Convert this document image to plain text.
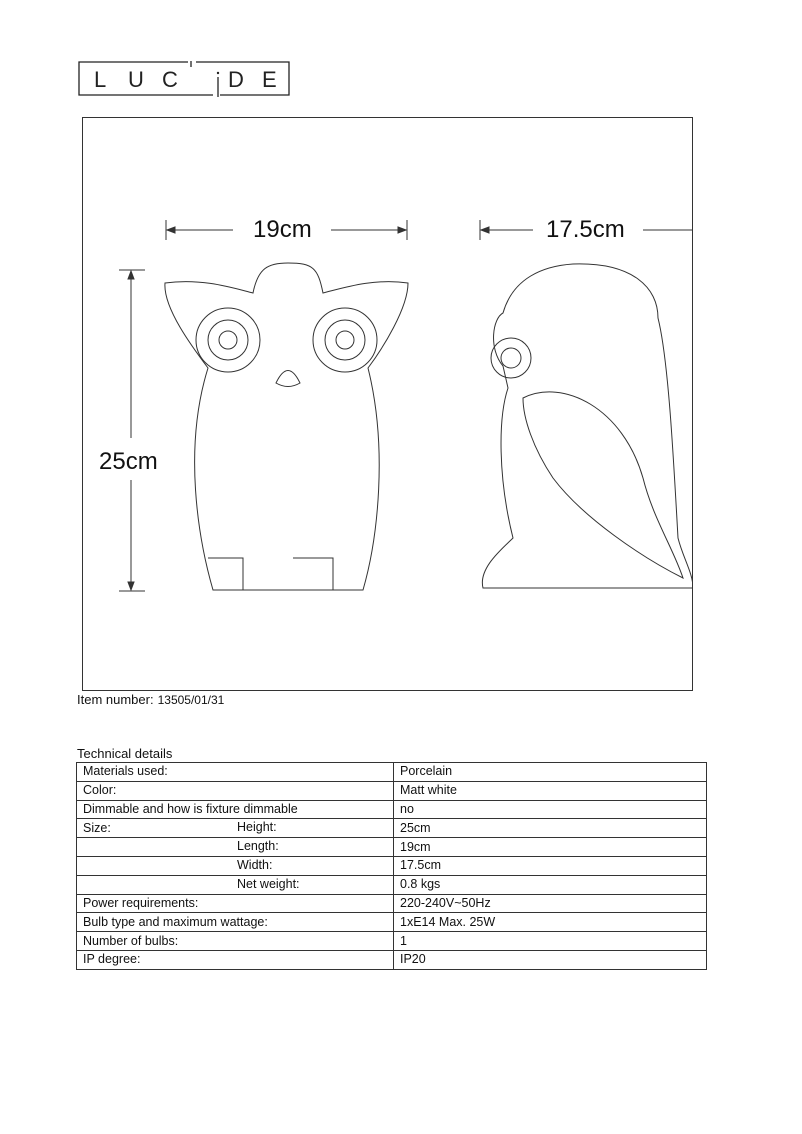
L U C D E
19cm	17.5cm
25cm
Item number: 13505/01/31
Technical details
Materials used:	Porcelain
Color:	Matt white
Dimmable and how is fixture dimmable	no
Size: Height:	25cm

Length:	19cm

Width:	17.5cm

Net weight:	0.8 kgs
Power requirements:	220-240V~50Hz
Bulb type and maximum wattage:	1xE14 Max. 25W
Number of bulbs:	1
IP degree:	IP20
